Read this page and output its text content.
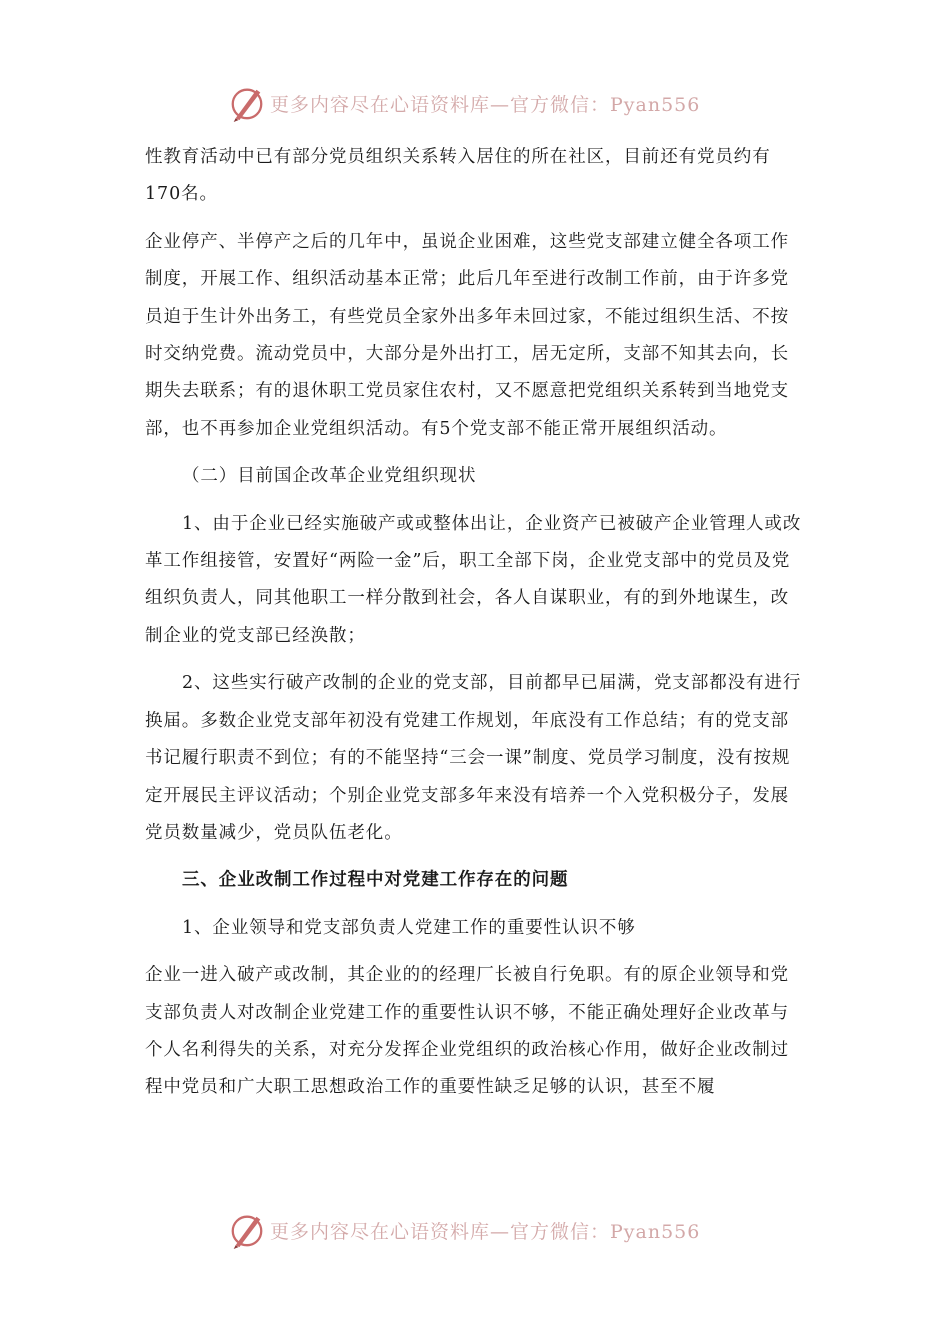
更多内容尽在心语资料库—官方微信：Pyan556

性教育活动中已有部分党员组织关系转入居住的所在社区，目前还有党员约有170名。

企业停产、半停产之后的几年中，虽说企业困难，这些党支部建立健全各项工作制度，开展工作、组织活动基本正常；此后几年至进行改制工作前，由于许多党员迫于生计外出务工，有些党员全家外出多年未回过家，不能过组织生活、不按时交纳党费。流动党员中，大部分是外出打工，居无定所，支部不知其去向，长期失去联系；有的退休职工党员家住农村，又不愿意把党组织关系转到当地党支部，也不再参加企业党组织活动。有5个党支部不能正常开展组织活动。

（二）目前国企改革企业党组织现状

1、由于企业已经实施破产或或整体出让，企业资产已被破产企业管理人或改革工作组接管，安置好“两险一金”后，职工全部下岗，企业党支部中的党员及党组织负责人，同其他职工一样分散到社会，各人自谋职业，有的到外地谋生，改制企业的党支部已经涣散；

2、这些实行破产改制的企业的党支部，目前都早已届满，党支部都没有进行换届。多数企业党支部年初没有党建工作规划，年底没有工作总结；有的党支部书记履行职责不到位；有的不能坚持“三会一课”制度、党员学习制度，没有按规定开展民主评议活动；个别企业党支部多年来没有培养一个入党积极分子，发展党员数量减少，党员队伍老化。

三、企业改制工作过程中对党建工作存在的问题

1、企业领导和党支部负责人党建工作的重要性认识不够

企业一进入破产或改制，其企业的的经理厂长被自行免职。有的原企业领导和党支部负责人对改制企业党建工作的重要性认识不够，不能正确处理好企业改革与个人名利得失的关系，对充分发挥企业党组织的政治核心作用，做好企业改制过程中党员和广大职工思想政治工作的重要性缺乏足够的认识，甚至不履

更多内容尽在心语资料库—官方微信：Pyan556
